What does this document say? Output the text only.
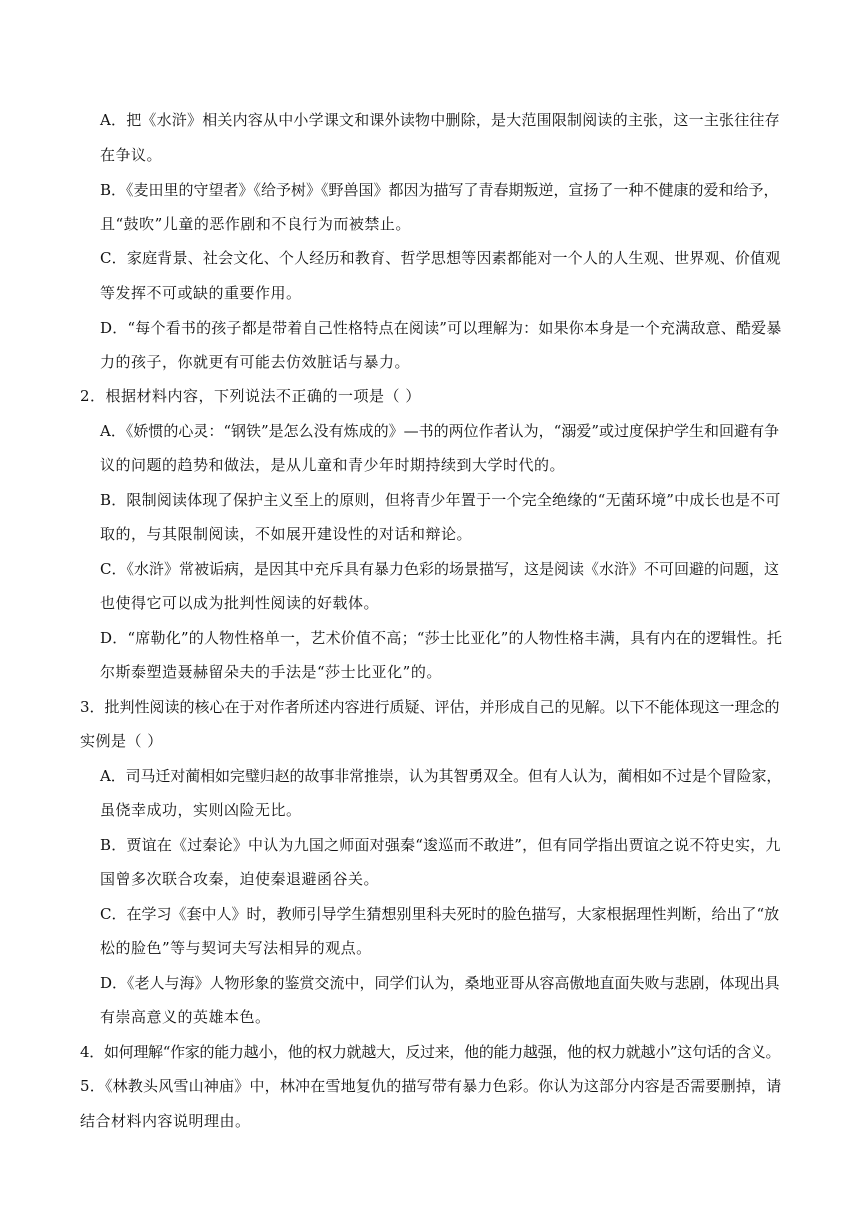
A．把《水浒》相关内容从中小学课文和课外读物中删除，是大范围限制阅读的主张，这一主张往往存
在争议。
B．《麦田里的守望者》《给予树》《野兽国》都因为描写了青春期叛逆，宣扬了一种不健康的爱和给予，
且“鼓吹”儿童的恶作剧和不良行为而被禁止。
C．家庭背景、社会文化、个人经历和教育、哲学思想等因素都能对一个人的人生观、世界观、价值观
等发挥不可或缺的重要作用。
D．“每个看书的孩子都是带着自己性格特点在阅读”可以理解为：如果你本身是一个充满敌意、酷爱暴
力的孩子，你就更有可能去仿效脏话与暴力。
2．根据材料内容，下列说法不正确的一项是（ ）
A．《娇惯的心灵：“钢铁”是怎么没有炼成的》—书的两位作者认为，“溺爱”或过度保护学生和回避有争
议的问题的趋势和做法，是从儿童和青少年时期持续到大学时代的。
B．限制阅读体现了保护主义至上的原则，但将青少年置于一个完全绝缘的“无菌环境”中成长也是不可
取的，与其限制阅读，不如展开建设性的对话和辩论。
C．《水浒》常被诟病，是因其中充斥具有暴力色彩的场景描写，这是阅读《水浒》不可回避的问题，这
也使得它可以成为批判性阅读的好载体。
D．“席勒化”的人物性格单一，艺术价值不高；“莎士比亚化”的人物性格丰满，具有内在的逻辑性。托
尔斯泰塑造聂赫留朵夫的手法是“莎士比亚化”的。
3．批判性阅读的核心在于对作者所述内容进行质疑、评估，并形成自己的见解。以下不能体现这一理念的
实例是（ ）
A．司马迁对蔺相如完璧归赵的故事非常推崇，认为其智勇双全。但有人认为，蔺相如不过是个冒险家，
虽侥幸成功，实则凶险无比。
B．贾谊在《过秦论》中认为九国之师面对强秦“逡巡而不敢进”，但有同学指出贾谊之说不符史实，九
国曾多次联合攻秦，迫使秦退避函谷关。
C．在学习《套中人》时，教师引导学生猜想别里科夫死时的脸色描写，大家根据理性判断，给出了“放
松的脸色”等与契诃夫写法相异的观点。
D．《老人与海》人物形象的鉴赏交流中，同学们认为，桑地亚哥从容高傲地直面失败与悲剧，体现出具
有崇高意义的英雄本色。
4．如何理解“作家的能力越小，他的权力就越大，反过来，他的能力越强，他的权力就越小”这句话的含义。
5．《林教头风雪山神庙》中，林冲在雪地复仇的描写带有暴力色彩。你认为这部分内容是否需要删掉，请
结合材料内容说明理由。
